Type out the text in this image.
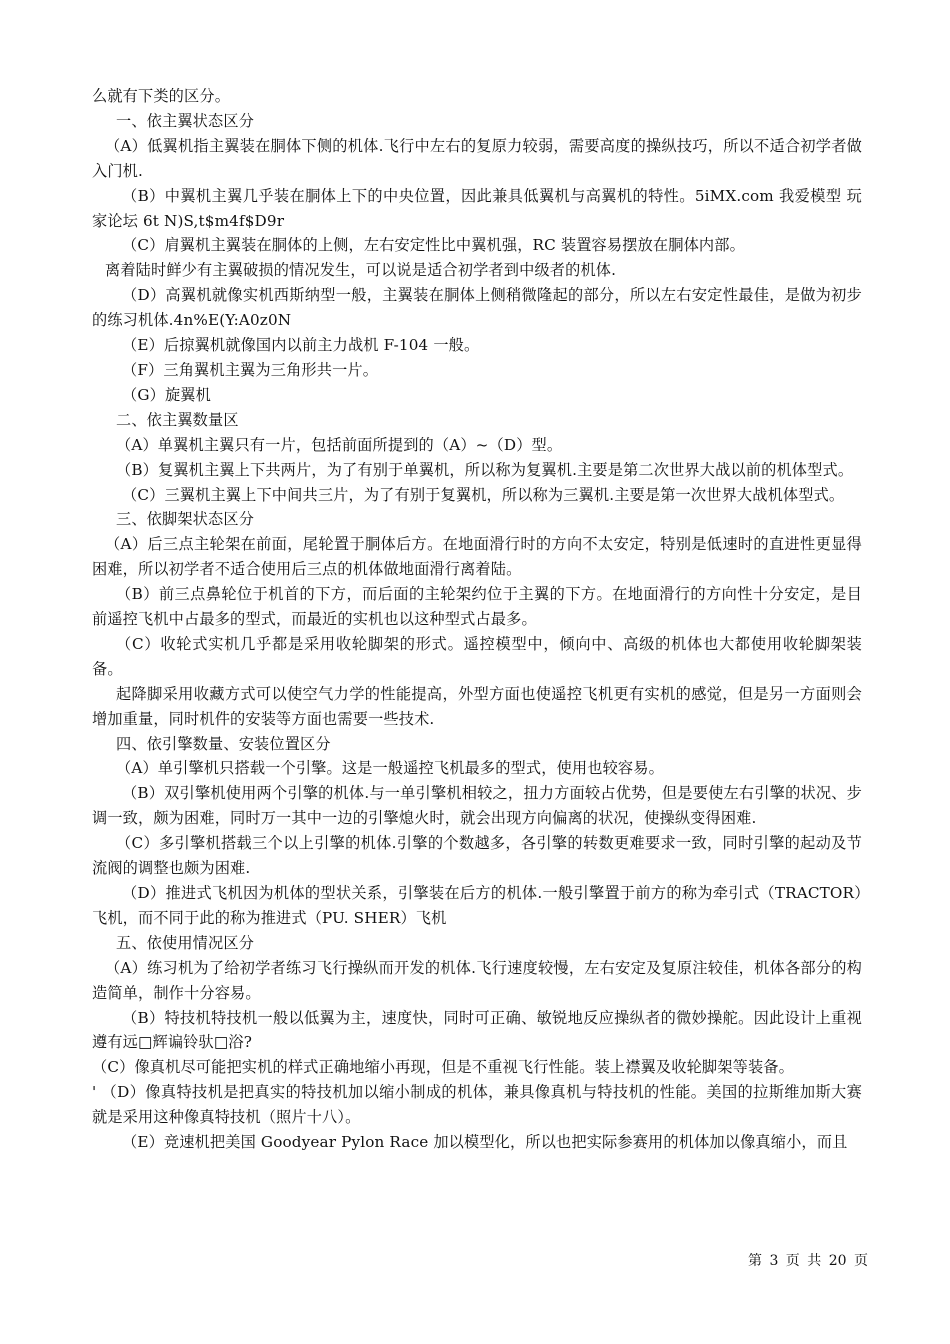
么就有下类的区分。

一、依主翼状态区分

（A）低翼机指主翼装在胴体下侧的机体.飞行中左右的复原力较弱，需要高度的操纵技巧，所以不适合初学者做入门机.

（B）中翼机主翼几乎装在胴体上下的中央位置，因此兼具低翼机与高翼机的特性。5iMX.com 我爱模型 玩家论坛 6t N)S,t$m4f$D9r

（C）肩翼机主翼装在胴体的上侧，左右安定性比中翼机强，RC 装置容易摆放在胴体内部。

离着陆时鲜少有主翼破损的情况发生，可以说是适合初学者到中级者的机体.

（D）高翼机就像实机西斯纳型一般，主翼装在胴体上侧稍微隆起的部分，所以左右安定性最佳，是做为初步的练习机体.4n%E(Y:A0z0N

（E）后掠翼机就像国内以前主力战机 F-104 一般。

（F）三角翼机主翼为三角形共一片。

（G）旋翼机

二、依主翼数量区

（A）单翼机主翼只有一片，包括前面所提到的（A）~（D）型。

（B）复翼机主翼上下共两片，为了有别于单翼机，所以称为复翼机.主要是第二次世界大战以前的机体型式。

（C）三翼机主翼上下中间共三片，为了有别于复翼机，所以称为三翼机.主要是第一次世界大战机体型式。

三、依脚架状态区分

（A）后三点主轮架在前面，尾轮置于胴体后方。在地面滑行时的方向不太安定，特别是低速时的直进性更显得困难，所以初学者不适合使用后三点的机体做地面滑行离着陆。

（B）前三点鼻轮位于机首的下方，而后面的主轮架约位于主翼的下方。在地面滑行的方向性十分安定，是目前遥控飞机中占最多的型式，而最近的实机也以这种型式占最多。

（C）收轮式实机几乎都是采用收轮脚架的形式。遥控模型中，倾向中、高级的机体也大都使用收轮脚架装备。

起降脚采用收藏方式可以使空气力学的性能提高，外型方面也使遥控飞机更有实机的感觉，但是另一方面则会增加重量，同时机件的安装等方面也需要一些技术.

四、依引擎数量、安装位置区分

（A）单引擎机只搭载一个引擎。这是一般遥控飞机最多的型式，使用也较容易。

（B）双引擎机使用两个引擎的机体.与一单引擎机相较之，扭力方面较占优势，但是要使左右引擎的状况、步调一致，颇为困难，同时万一其中一边的引擎熄火时，就会出现方向偏离的状况，使操纵变得困难.

（C）多引擎机搭载三个以上引擎的机体.引擎的个数越多，各引擎的转数更难要求一致，同时引擎的起动及节流阀的调整也颇为困难.

（D）推进式飞机因为机体的型状关系，引擎装在后方的机体.一般引擎置于前方的称为牵引式（TRACTOR）飞机，而不同于此的称为推进式（PU. SHER）飞机

五、依使用情况区分

（A）练习机为了给初学者练习飞行操纵而开发的机体.飞行速度较慢，左右安定及复原注较佳，机体各部分的构造简单，制作十分容易。

（B）特技机特技机一般以低翼为主，速度快，同时可正确、敏锐地反应操纵者的微妙操舵。因此设计上重视遵有远□辉谝铃驮□浴?

（C）像真机尽可能把实机的样式正确地缩小再现，但是不重视飞行性能。装上襟翼及收轮脚架等装备。

' （D）像真特技机是把真实的特技机加以缩小制成的机体，兼具像真机与特技机的性能。美国的拉斯维加斯大赛就是采用这种像真特技机（照片十八）。

（E）竞速机把美国 Goodyear Pylon Race 加以模型化，所以也把实际参赛用的机体加以像真缩小，而且

第 3 页 共 20 页
